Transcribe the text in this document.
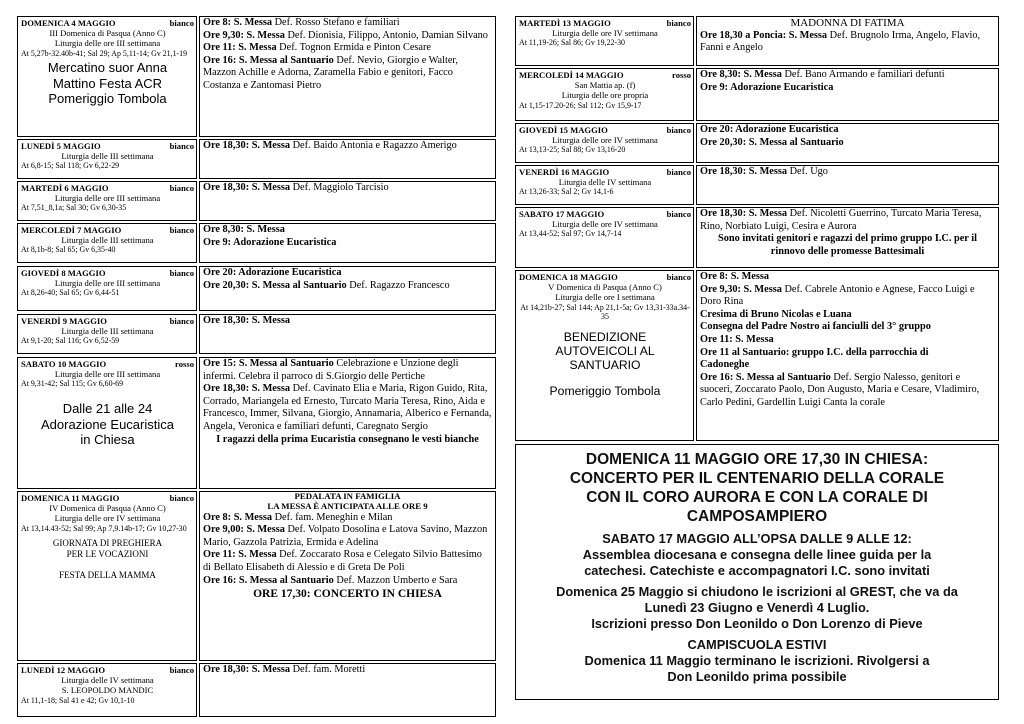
DOMENICA 4 MAGGIO	bianco
III Domenica di Pasqua (Anno C)
Liturgia delle ore III settimana
At 5,27b-32.40b-41; Sal 29; Ap 5,11-14; Gv 21,1-19
Mercatino suor Anna
Mattino Festa ACR
Pomeriggio Tombola
Ore 8: S. Messa Def. Rosso Stefano e familiari
Ore 9,30: S. Messa Def. Dionisia, Filippo, Antonio, Damian Silvano
Ore 11: S. Messa Def. Tognon Ermida e Pinton Cesare
Ore 16: S. Messa al Santuario Def. Nevio, Giorgio e Walter, Mazzon Achille e Adorna, Zaramella Fabio e genitori, Facco Costanza e Zantomasi Pietro
LUNEDÌ 5 MAGGIO	bianco
Liturgia delle III settimana
At 6,8-15; Sal 118; Gv 6,22-29
Ore 18,30: S. Messa Def. Baido Antonia e Ragazzo Amerigo
MARTEDÌ 6 MAGGIO	bianco
Liturgia delle ore III settimana
At 7,51_8,1a; Sal 30; Gv 6,30-35
Ore 18,30: S. Messa Def. Maggiolo Tarcisio
MERCOLEDÌ 7 MAGGIO	bianco
Liturgia delle III settimana
At 8,1b-8; Sal 65; Gv 6,35-40
Ore 8,30: S. Messa
Ore 9: Adorazione Eucaristica
GIOVEDÌ 8 MAGGIO	bianco
Liturgia delle ore III settimana
At 8,26-40; Sal 65; Gv 6,44-51
Ore 20: Adorazione Eucaristica
Ore 20,30: S. Messa al Santuario Def. Ragazzo Francesco
VENERDÌ 9 MAGGIO	bianco
Liturgia delle III settimana
At 9,1-20; Sal 116; Gv 6,52-59
Ore 18,30: S. Messa
SABATO 10 MAGGIO	rosso
Liturgia delle ore III settimana
At 9,31-42; Sal 115; Gv 6,60-69
Dalle 21 alle 24
Adorazione Eucaristica
in Chiesa
Ore 15: S. Messa al Santuario Celebrazione e Unzione degli infermi. Celebra il parroco di S.Giorgio delle Pertiche
Ore 18,30: S. Messa Def. Cavinato Elia e Maria, Rigon Guido, Rita, Corrado, Mariangela ed Ernesto, Turcato Maria Teresa, Rino, Aida e Francesco, Immer, Silvana, Giorgio, Annamaria, Alberico e Fernanda, Angela, Veronica e familiari defunti, Caregnato Sergio
I ragazzi della prima Eucaristia consegnano le vesti bianche
DOMENICA 11 MAGGIO	bianco
IV Domenica di Pasqua (Anno C)
Liturgia delle ore IV settimana
At 13,14.43-52; Sal 99; Ap 7,9.14b-17; Gv 10,27-30
GIORNATA DI PREGHIERA
PER LE VOCAZIONI
FESTA DELLA MAMMA
PEDALATA IN FAMIGLIA
LA MESSA È ANTICIPATA ALLE ORE 9
Ore 8: S. Messa Def. fam. Meneghin e Milan
Ore 9,00: S. Messa Def. Volpato Dosolina e Latova Savino, Mazzon Mario, Gazzola Patrizia, Ermida e Adelina
Ore 11: S. Messa Def. Zoccarato Rosa e Celegato Silvio Battesimo di Bellato Elisabeth di Alessio e di Greta De Poli
Ore 16: S. Messa al Santuario Def. Mazzon Umberto e Sara
ORE 17,30: CONCERTO IN CHIESA
LUNEDÌ 12 MAGGIO	bianco
Liturgia delle IV settimana
S. LEOPOLDO MANDIC
At 11,1-18; Sal 41 e 42; Gv 10,1-10
Ore 18,30: S. Messa Def. fam. Moretti
MARTEDÌ 13 MAGGIO	bianco
Liturgia delle ore IV settimana
At 11,19-26; Sal 86; Gv 19,22-30
MADONNA DI FATIMA
Ore 18,30 a Poncia: S. Messa Def. Brugnolo Irma, Angelo, Flavio, Fanni e Angelo
MERCOLEDÌ 14 MAGGIO	rosso
San Mattia ap. (f)
Liturgia delle ore propria
At 1,15-17.20-26; Sal 112; Gv 15,9-17
Ore 8,30: S. Messa Def. Bano Armando e familiari defunti
Ore 9: Adorazione Eucaristica
GIOVEDÌ 15 MAGGIO	bianco
Liturgia delle ore IV settimana
At 13,13-25; Sal 88; Gv 13,16-20
Ore 20: Adorazione Eucaristica
Ore 20,30: S. Messa al Santuario
VENERDÌ 16 MAGGIO	bianco
Liturgia delle IV settimana
At 13,26-33; Sal 2; Gv 14,1-6
Ore 18,30: S. Messa Def. Ugo
SABATO 17 MAGGIO	bianco
Liturgia delle ore IV settimana
At 13,44-52; Sal 97; Gv 14,7-14
Ore 18,30: S. Messa Def. Nicoletti Guerrino, Turcato Maria Teresa, Rino, Norbiato Luigi, Cesira e Aurora
Sono invitati genitori e ragazzi del primo gruppo I.C. per il rinnovo delle promesse Battesimali
DOMENICA 18 MAGGIO	bianco
V Domenica di Pasqua (Anno C)
Liturgia delle ore I settimana
At 14,21b-27; Sal 144; Ap 21,1-5a; Gv 13,31-33a.34-35
BENEDIZIONE
AUTOVEICOLI AL
SANTUARIO
Pomeriggio Tombola
Ore 8: S. Messa
Ore 9,30: S. Messa Def. Cabrele Antonio e Agnese, Facco Luigi e Doro Rina
Cresima di Bruno Nicolas e Luana
Consegna del Padre Nostro ai fanciulli del 3° gruppo
Ore 11: S. Messa
Ore 11 al Santuario: gruppo I.C. della parrocchia di
Cadoneghe
Ore 16: S. Messa al Santuario Def. Sergio Nalesso, genitori e suoceri, Zoccarato Paolo, Don Augusto, Maria e Cesare, Vladimiro, Carlo Pedini, Gardellin Luigi Canta la corale
DOMENICA 11 MAGGIO ORE 17,30 IN CHIESA:
CONCERTO PER IL CENTENARIO DELLA CORALE
CON IL CORO AURORA E CON LA CORALE DI
CAMPOSAMPIERO
SABATO 17 MAGGIO ALL’OPSA DALLE 9 ALLE 12:
Assemblea diocesana e consegna delle linee guida per la
catechesi. Catechiste e accompagnatori I.C. sono invitati
Domenica 25 Maggio si chiudono le iscrizioni al GREST, che va da
Lunedì 23 Giugno e Venerdì 4 Luglio.
Iscrizioni presso Don Leonildo o Don Lorenzo di Pieve
CAMPISCUOLA ESTIVI
Domenica 11 Maggio terminano le iscrizioni. Rivolgersi a
Don Leonildo prima possibile
